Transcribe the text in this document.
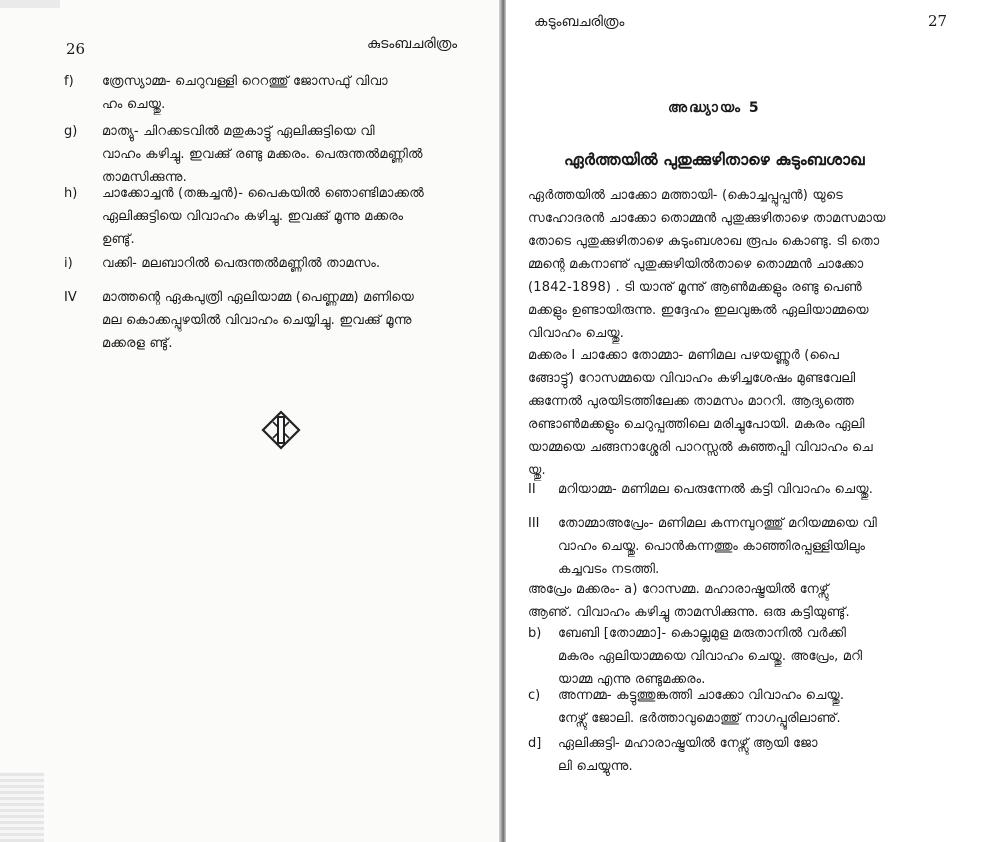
26	കുടംബചരിത്രം
f) ത്രേസ്യാമ്മ- ചെറുവള്ളി റെറത്തു് ജോസഫു് വിവാ
ഹം ചെയ്തു.
g) മാത്യു- ചിറക്കടവിൽ മതുകാട്ടു് ഏലിക്കുട്ടിയെ വി
വാഹം കഴിച്ചു. ഇവക്കു് രണ്ടു മക്കരം. പെരുന്തൽമണ്ണിൽ
താമസിക്കുന്നു.
h) ചാക്കോച്ചൻ (തങ്കച്ചൻ)- പൈകയിൽ ഞൊണ്ടിമാക്കൽ
ഏലിക്കുട്ടിയെ വിവാഹം കഴിച്ചു. ഇവക്കു് മൂന്നു മക്കരം
ഉണ്ടു്.
i) വക്കി- മലബാറിൽ പെരുന്തൽമണ്ണിൽ താമസം.
IV മാത്തന്റെ ഏകപുത്രി ഏലിയാമ്മ (പെണ്ണമ്മ) മണിയെ
മല കൊക്കപ്പുഴയിൽ വിവാഹം ചെയ്യിച്ചു. ഇവക്കു് മൂന്നു
മക്കരള ണ്ടു്.
കടുംബചരിത്രം	27
അദ്ധ്യായം 5
ഏർത്തയിൽ പുതുക്കുഴിതാഴെ കുടുംബശാഖ
ഏർത്തയിൽ ചാക്കോ മത്തായി- (കൊച്ചപ്പുപ്പൻ) യുടെ
സഹോദരൻ ചാക്കോ തൊമ്മൻ പുതുക്കുഴിതാഴെ താമസമായ
തോടെ പുതുക്കുഴിതാഴെ കുടുംബശാഖ രൂപം കൊണ്ടു. ടി തൊ
മ്മന്റെ മകനാണു് പുതുക്കുഴിയിൽതാഴെ തൊമ്മൻ ചാക്കോ
(1842-1898) . ടി യാനു് മൂന്നു് ആൺമക്കളും രണ്ടു പെൺ
മക്കളും ഉണ്ടായിരുന്നു. ഇദ്ദേഹം ഇലവുങ്കൽ ഏലിയാമ്മയെ
വിവാഹം ചെയ്തു.
മക്കരം I ചാക്കോ തോമ്മാ- മണിമല പഴയണ്ണൂർ (പൈ
ങ്ങോട്ടു്) റോസമ്മയെ വിവാഹം കഴിച്ചശേഷം മുണ്ടവേലി
ക്കുന്നേൽ പുരയിടത്തിലേക്ക താമസം മാററി. ആദ്യത്തെ
രണ്ടാൺമക്കളും ചെറുപ്പത്തിലെ മരിച്ചുപോയി. മകരം ഏലി
യാമ്മയെ ചങ്ങനാശ്ശേരി പാറസ്സൽ കുഞ്ഞപ്പി വിവാഹം ചെ
യ്തു.
II മറിയാമ്മ- മണിമല പെരുന്നേൽ കട്ടി വിവാഹം ചെയ്തു.
III തോമ്മാഅപ്രേം- മണിമല കന്നമ്പുറത്തു് മറിയമ്മയെ വി
വാഹം ചെയ്തു. പൊൻകന്നത്തും കാഞ്ഞിരപ്പള്ളിയിലും
കച്ചവടം നടത്തി.
അപ്രേം മക്കരം- a) റോസമ്മ. മഹാരാഷ്ട്രയിൽ നേഴ്സു്
ആണു്. വിവാഹം കഴിച്ചു താമസിക്കുന്നു. ഒരു കട്ടിയുണ്ടു്.
b) ബേബി [തോമ്മാ]- കൊല്ലമുള മരുതാനിൽ വർക്കി
മകരം ഏലിയാമ്മയെ വിവാഹം ചെയ്തു. അപ്രേം, മറി
യാമ്മ എന്നു രണ്ടുമക്കരം.
c) അന്നമ്മ- കട്ടുത്തുങ്കത്തി ചാക്കോ വിവാഹം ചെയ്തു.
നേഴ്സു് ജോലി. ഭർത്താവുമൊത്തു് നാഗപ്പൂരിലാണു്.
d] ഏലിക്കുട്ടി- മഹാരാഷ്ട്രയിൽ നേഴ്സു് ആയി ജോ
ലി ചെയ്യുന്നു.
